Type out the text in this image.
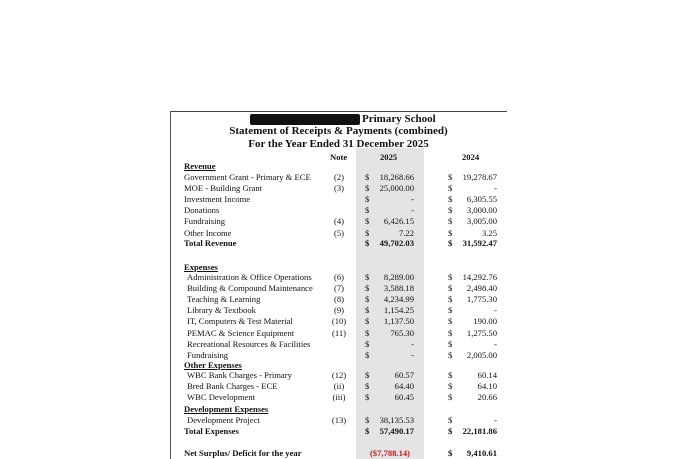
Primary School
Statement of Receipts & Payments (combined)
For the Year Ended 31 December 2025
Note	2025	2024
Revenue
Government Grant - Primary & ECE	(2)	$	18,268.66	$	19,278.67
MOE - Building Grant	(3)	$	25,000.00	$	-
Investment Income	$	-	$	6,305.55
Donations	$	-	$	3,000.00
Fundraising	(4)	$	6,426.15	$	3,005.00
Other Income	(5)	$	7.22	$	3.25
Total Revenue	$	49,702.03	$	31,592.47
Expenses
Administration & Office Operations	(6)	$	8,289.00	$	14,292.76
Building & Compound Maintenance	(7)	$	3,588.18	$	2,498.40
Teaching & Learning	(8)	$	4,234.99	$	1,775.30
Library & Textbook	(9)	$	1,154.25	$	-
IT, Computers & Test Material	(10)	$	1,137.50	$	190.00
PEMAC & Science Equipment	(11)	$	765.30	$	1,275.50
Recreational Resources & Facilities	$	-	$	-
Fundraising	$	-	$	2,005.00
Other Expenses
WBC Bank Charges - Primary	(12)	$	60.57	$	60.14
Bred Bank Charges - ECE	(ii)	$	64.40	$	64.10
WBC Development	(iii)	$	60.45	$	20.66
Development Expenses
Development Project	(13)	$	38,135.53	$	-
Total Expenses	$	57,490.17	$	22,181.86
Net Surplus/ Deficit for the year	($7,788.14)	$	9,410.61
